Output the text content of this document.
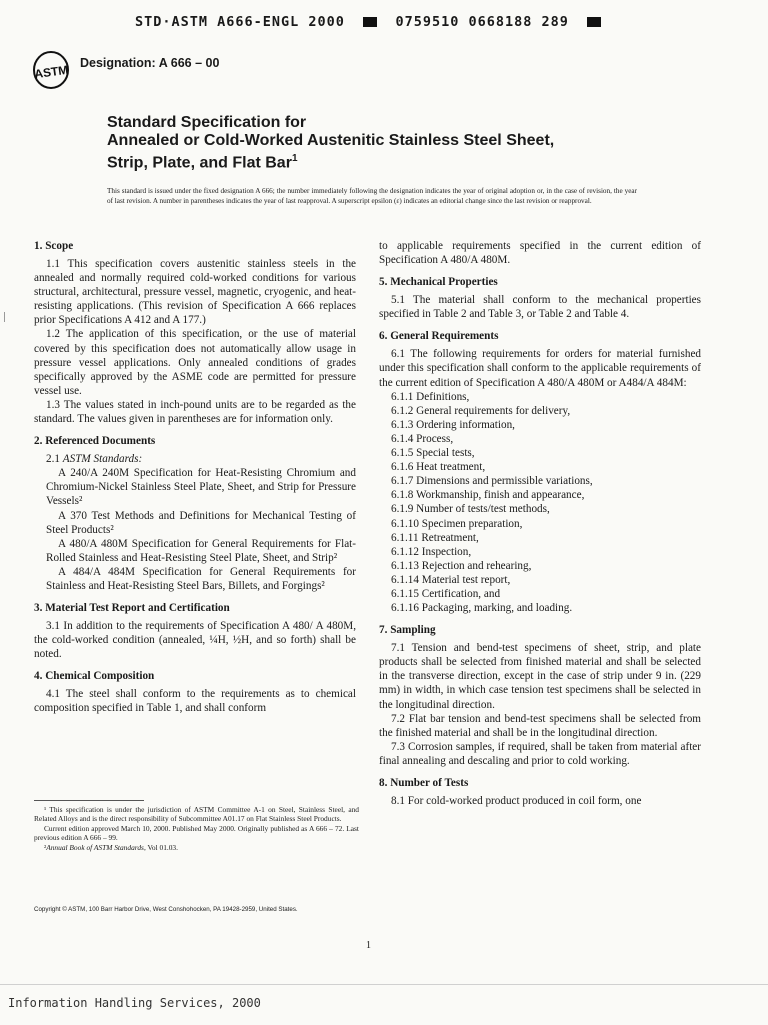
STD·ASTM A666-ENGL 2000	0759510 0668188 289
ASTM Designation: A 666 – 00
Standard Specification for
Annealed or Cold-Worked Austenitic Stainless Steel Sheet,
Strip, Plate, and Flat Bar$^1$
This standard is issued under the fixed designation A 666; the number immediately following the designation indicates the year of original adoption or, in the case of revision, the year of last revision. A number in parentheses indicates the year of last reapproval. A superscript epsilon (ε) indicates an editorial change since the last revision or reapproval.
1. Scope

1.1 This specification covers austenitic stainless steels in the annealed and normally required cold-worked conditions for various structural, architectural, pressure vessel, magnetic, cryogenic, and heat-resisting applications. (This revision of Specification A 666 replaces prior Specifications A 412 and A 177.)

1.2 The application of this specification, or the use of material covered by this specification does not automatically allow usage in pressure vessel applications. Only annealed conditions of grades specifically approved by the ASME code are permitted for pressure vessel use.

1.3 The values stated in inch-pound units are to be regarded as the standard. The values given in parentheses are for information only.

2. Referenced Documents

2.1 ASTM Standards:

A 240/A 240M Specification for Heat-Resisting Chromium and Chromium-Nickel Stainless Steel Plate, Sheet, and Strip for Pressure Vessels²

A 370 Test Methods and Definitions for Mechanical Testing of Steel Products²

A 480/A 480M Specification for General Requirements for Flat-Rolled Stainless and Heat-Resisting Steel Plate, Sheet, and Strip²

A 484/A 484M Specification for General Requirements for Stainless and Heat-Resisting Steel Bars, Billets, and Forgings²

3. Material Test Report and Certification

3.1 In addition to the requirements of Specification A 480/ A 480M, the cold-worked condition (annealed, ¼H, ½H, and so forth) shall be noted.

4. Chemical Composition

4.1 The steel shall conform to the requirements as to chemical composition specified in Table 1, and shall conform

¹ This specification is under the jurisdiction of ASTM Committee A-1 on Steel, Stainless Steel, and Related Alloys and is the direct responsibility of Subcommittee A01.17 on Flat Stainless Steel Products.

Current edition approved March 10, 2000. Published May 2000. Originally published as A 666 – 72. Last previous edition A 666 – 99.

²Annual Book of ASTM Standards, Vol 01.03.

to applicable requirements specified in the current edition of Specification A 480/A 480M.

5. Mechanical Properties

5.1 The material shall conform to the mechanical properties specified in Table 2 and Table 3, or Table 2 and Table 4.

6. General Requirements

6.1 The following requirements for orders for material furnished under this specification shall conform to the applicable requirements of the current edition of Specification A 480/A 480M or A484/A 484M:

6.1.1 Definitions,
6.1.2 General requirements for delivery,
6.1.3 Ordering information,
6.1.4 Process,
6.1.5 Special tests,
6.1.6 Heat treatment,
6.1.7 Dimensions and permissible variations,
6.1.8 Workmanship, finish and appearance,
6.1.9 Number of tests/test methods,
6.1.10 Specimen preparation,
6.1.11 Retreatment,
6.1.12 Inspection,
6.1.13 Rejection and rehearing,
6.1.14 Material test report,
6.1.15 Certification, and
6.1.16 Packaging, marking, and loading.
7. Sampling

7.1 Tension and bend-test specimens of sheet, strip, and plate products shall be selected from finished material and shall be selected in the transverse direction, except in the case of strip under 9 in. (229 mm) in width, in which case tension test specimens shall be selected in the longitudinal direction.

7.2 Flat bar tension and bend-test specimens shall be selected from the finished material and shall be in the longitudinal direction.

7.3 Corrosion samples, if required, shall be taken from material after final annealing and descaling and prior to cold working.

8. Number of Tests

8.1 For cold-worked product produced in coil form, one

Copyright © ASTM, 100 Barr Harbor Drive, West Conshohocken, PA 19428-2959, United States.
1
Information Handling Services, 2000
